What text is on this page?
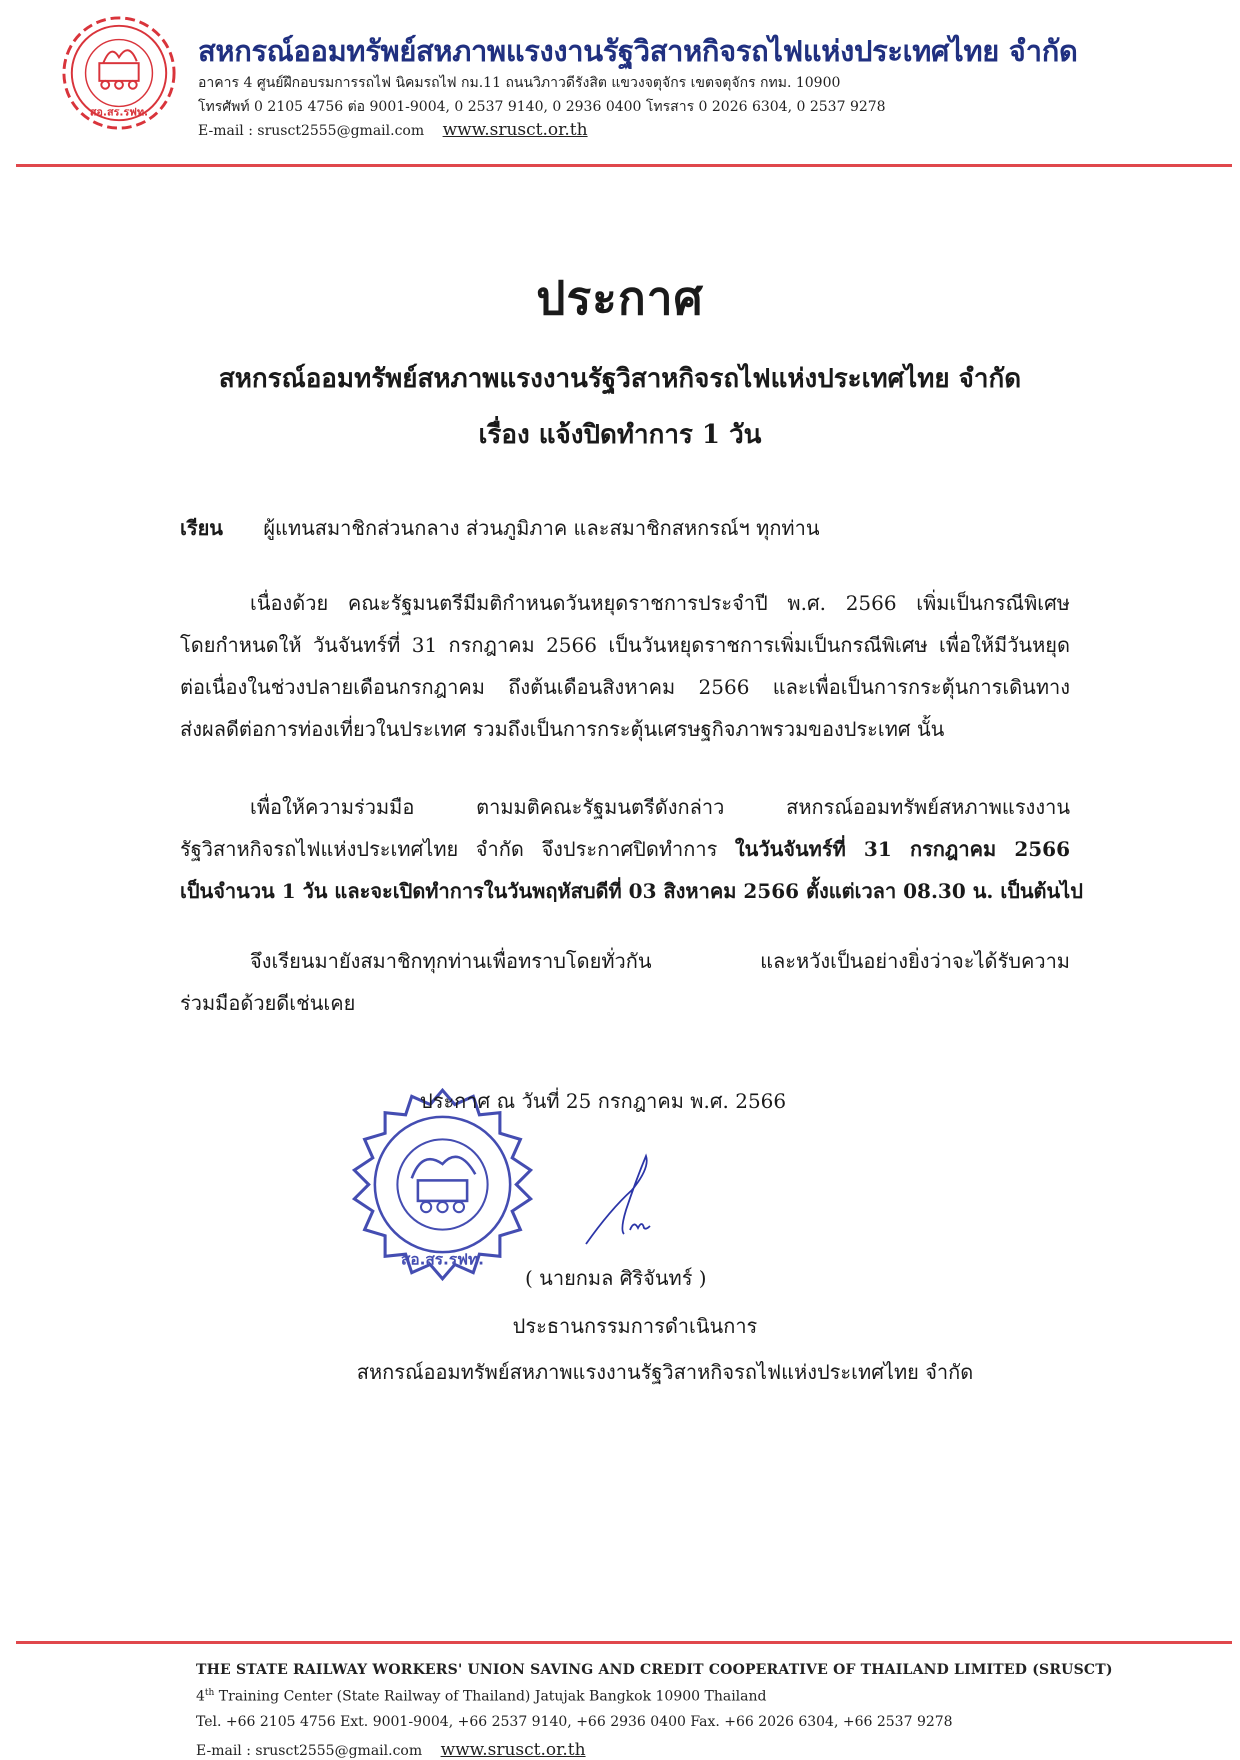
สอ.สร.รฟท.
สหกรณ์ออมทรัพย์สหภาพแรงงานรัฐวิสาหกิจรถไฟแห่งประเทศไทย จำกัด
อาคาร 4 ศูนย์ฝึกอบรมการรถไฟ นิคมรถไฟ กม.11 ถนนวิภาวดีรังสิต แขวงจตุจักร เขตจตุจักร กทม. 10900
โทรศัพท์ 0 2105 4756 ต่อ 9001-9004, 0 2537 9140, 0 2936 0400 โทรสาร 0 2026 6304, 0 2537 9278
E-mail : srusct2555@gmail.com www.srusct.or.th
ประกาศ
สหกรณ์ออมทรัพย์สหภาพแรงงานรัฐวิสาหกิจรถไฟแห่งประเทศไทย จำกัด
เรื่อง แจ้งปิดทำการ 1 วัน
เรียน ผู้แทนสมาชิกส่วนกลาง ส่วนภูมิภาค และสมาชิกสหกรณ์ฯ ทุกท่าน
เนื่องด้วย คณะรัฐมนตรีมีมติกำหนดวันหยุดราชการประจำปี พ.ศ. 2566 เพิ่มเป็นกรณีพิเศษ
โดยกำหนดให้ วันจันทร์ที่ 31 กรกฎาคม 2566 เป็นวันหยุดราชการเพิ่มเป็นกรณีพิเศษ เพื่อให้มีวันหยุด
ต่อเนื่องในช่วงปลายเดือนกรกฎาคม ถึงต้นเดือนสิงหาคม 2566 และเพื่อเป็นการกระตุ้นการเดินทาง
ส่งผลดีต่อการท่องเที่ยวในประเทศ รวมถึงเป็นการกระตุ้นเศรษฐกิจภาพรวมของประเทศ นั้น
เพื่อให้ความร่วมมือ ตามมติคณะรัฐมนตรีดังกล่าว สหกรณ์ออมทรัพย์สหภาพแรงงาน
รัฐวิสาหกิจรถไฟแห่งประเทศไทย จำกัด จึงประกาศปิดทำการ ในวันจันทร์ที่ 31 กรกฎาคม 2566
เป็นจำนวน 1 วัน และจะเปิดทำการในวันพฤหัสบดีที่ 03 สิงหาคม 2566 ตั้งแต่เวลา 08.30 น. เป็นต้นไป
จึงเรียนมายังสมาชิกทุกท่านเพื่อทราบโดยทั่วกัน และหวังเป็นอย่างยิ่งว่าจะได้รับความ
ร่วมมือด้วยดีเช่นเคย
สอ.สร.รฟท.
ประกาศ ณ วันที่ 25 กรกฎาคม พ.ศ. 2566
( นายกมล ศิริจันทร์ )
ประธานกรรมการดำเนินการ
สหกรณ์ออมทรัพย์สหภาพแรงงานรัฐวิสาหกิจรถไฟแห่งประเทศไทย จำกัด
THE STATE RAILWAY WORKERS' UNION SAVING AND CREDIT COOPERATIVE OF THAILAND LIMITED (SRUSCT)
4th Training Center (State Railway of Thailand) Jatujak Bangkok 10900 Thailand
Tel. +66 2105 4756 Ext. 9001-9004, +66 2537 9140, +66 2936 0400 Fax. +66 2026 6304, +66 2537 9278
E-mail : srusct2555@gmail.com www.srusct.or.th
